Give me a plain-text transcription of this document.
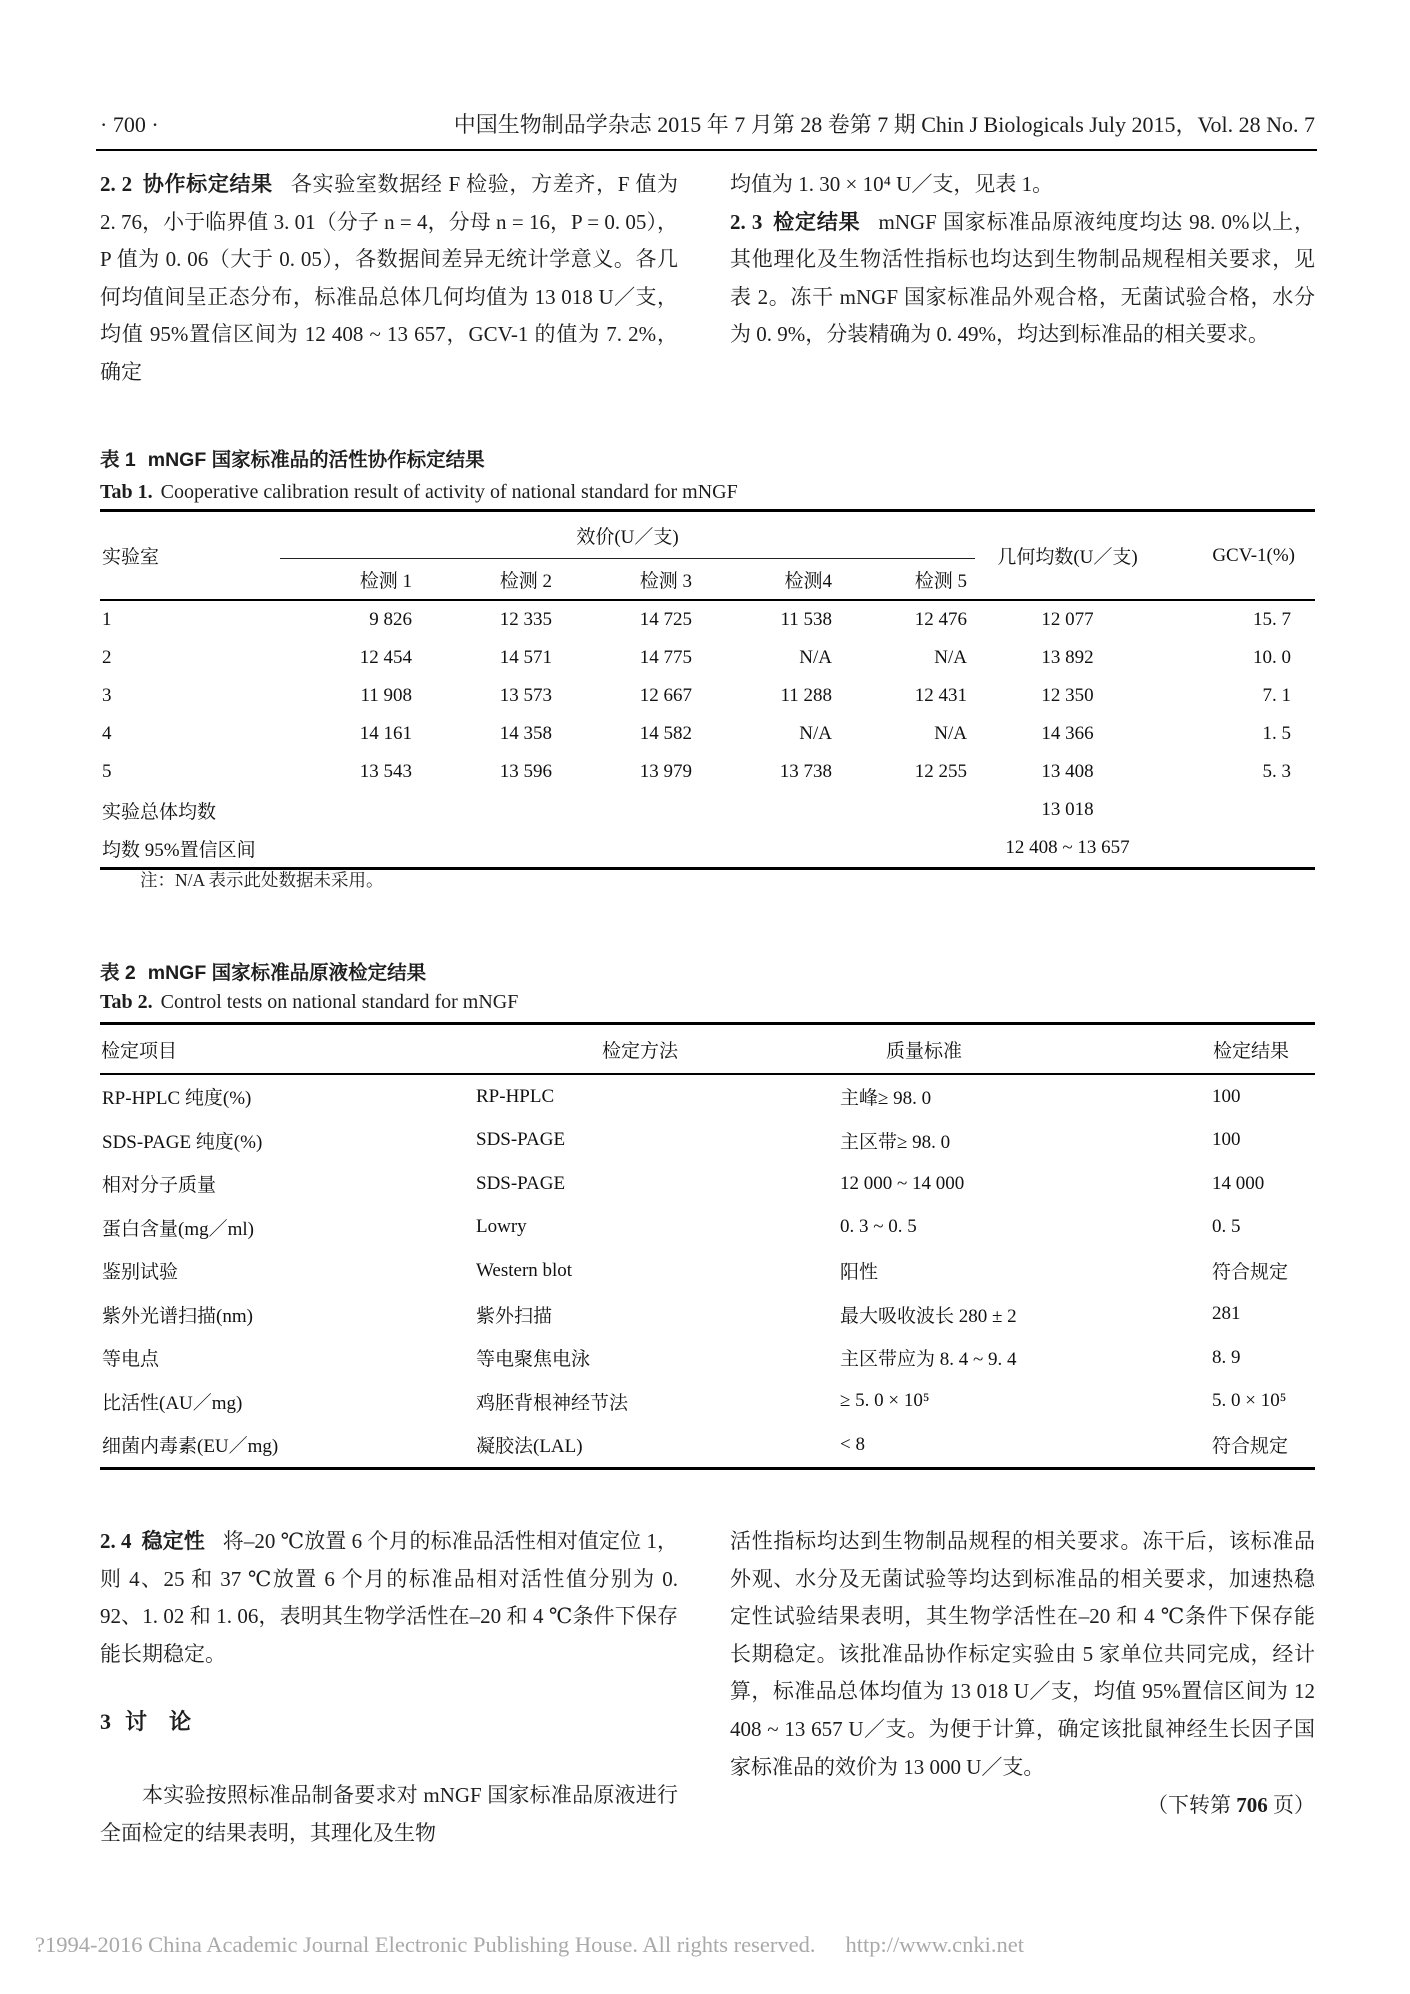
· 700 ·	中国生物制品学杂志 2015 年 7 月第 28 卷第 7 期 Chin J Biologicals July 2015，Vol. 28 No. 7

2. 2 协作标定结果 各实验室数据经 F 检验，方差齐，F 值为 2. 76，小于临界值 3. 01（分子 n = 4，分母 n = 16，P = 0. 05），P 值为 0. 06（大于 0. 05），各数据间差异无统计学意义。各几何均值间呈正态分布，标准品总体几何均值为 13 018 U／支，均值 95%置信区间为 12 408 ~ 13 657，GCV-1 的值为 7. 2%，确定

均值为 1. 30 × 10⁴ U／支，见表 1。

2. 3 检定结果 mNGF 国家标准品原液纯度均达 98. 0%以上，其他理化及生物活性指标也均达到生物制品规程相关要求，见表 2。冻干 mNGF 国家标准品外观合格，无菌试验合格，水分为 0. 9%，分装精确为 0. 49%，均达到标准品的相关要求。

表 1 mNGF 国家标准品的活性协作标定结果
Tab 1. Cooperative calibration result of activity of national standard for mNGF
实验室	效价(U／支)					几何均数(U／支)	GCV-1(%)
	检测 1	检测 2	检测 3	检测4	检测 5		
1	9 826	12 335	14 725	11 538	12 476	12 077	15. 7
2	12 454	14 571	14 775	N/A	N/A	13 892	10. 0
3	11 908	13 573	12 667	11 288	12 431	12 350	7. 1
4	14 161	14 358	14 582	N/A	N/A	14 366	1. 5
5	13 543	13 596	13 979	13 738	12 255	13 408	5. 3
实验总体均数						13 018	
均数 95%置信区间						12 408 ~ 13 657	
注：N/A 表示此处数据未采用。
表 2 mNGF 国家标准品原液检定结果
Tab 2. Control tests on national standard for mNGF
检定项目	检定方法	质量标准	检定结果
RP-HPLC 纯度(%)	RP-HPLC	主峰≥ 98. 0	100
SDS-PAGE 纯度(%)	SDS-PAGE	主区带≥ 98. 0	100
相对分子质量	SDS-PAGE	12 000 ~ 14 000	14 000
蛋白含量(mg／ml)	Lowry	0. 3 ~ 0. 5	0. 5
鉴别试验	Western blot	阳性	符合规定
紫外光谱扫描(nm)	紫外扫描	最大吸收波长 280 ± 2	281
等电点	等电聚焦电泳	主区带应为 8. 4 ~ 9. 4	8. 9
比活性(AU／mg)	鸡胚背根神经节法	≥ 5. 0 × 10⁵	5. 0 × 10⁵
细菌内毒素(EU／mg)	凝胶法(LAL)	< 8	符合规定

2. 4 稳定性 将–20 ℃放置 6 个月的标准品活性相对值定位 1，则 4、25 和 37 ℃放置 6 个月的标准品相对活性值分别为 0. 92、1. 02 和 1. 06，表明其生物学活性在–20 和 4 ℃条件下保存能长期稳定。

3 讨　论

本实验按照标准品制备要求对 mNGF 国家标准品原液进行全面检定的结果表明，其理化及生物

活性指标均达到生物制品规程的相关要求。冻干后，该标准品外观、水分及无菌试验等均达到标准品的相关要求，加速热稳定性试验结果表明，其生物学活性在–20 和 4 ℃条件下保存能长期稳定。该批准品协作标定实验由 5 家单位共同完成，经计算，标准品总体均值为 13 018 U／支，均值 95%置信区间为 12 408 ~ 13 657 U／支。为便于计算，确定该批鼠神经生长因子国家标准品的效价为 13 000 U／支。

（下转第 706 页）

?1994-2016 China Academic Journal Electronic Publishing House. All rights reserved. http://www.cnki.net
